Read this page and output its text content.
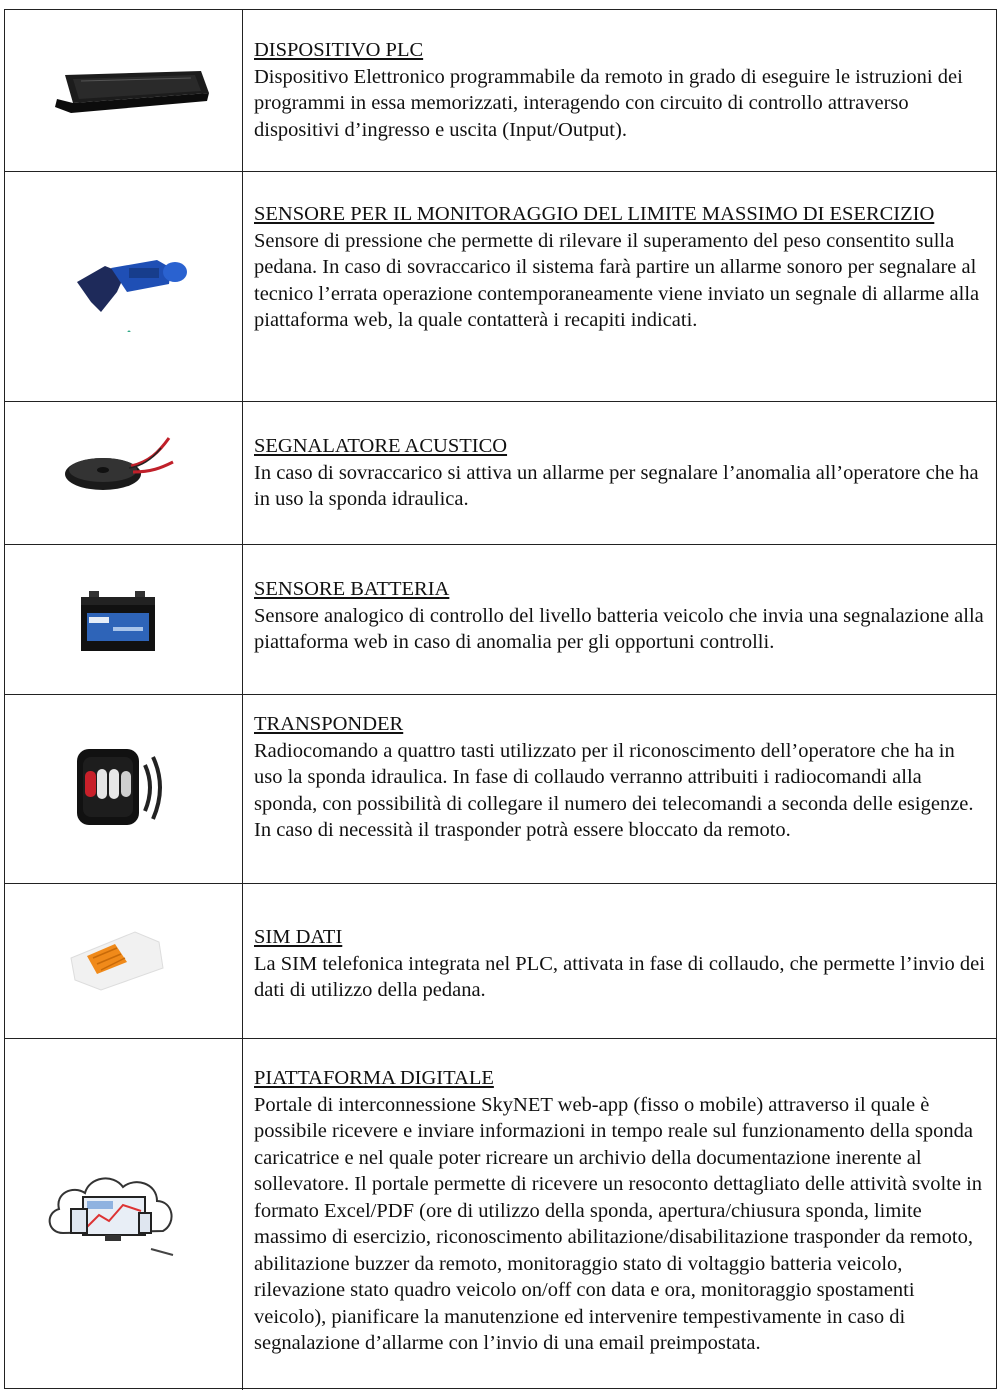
DISPOSITIVO PLC
Dispositivo Elettronico programmabile da remoto in grado di eseguire le istruzioni dei programmi in essa memorizzati, interagendo con circuito di controllo attraverso dispositivi d’ingresso e uscita (Input/Output).
SENSORE PER IL MONITORAGGIO DEL LIMITE MASSIMO DI ESERCIZIO
Sensore di pressione che permette di rilevare il superamento del peso consentito sulla pedana. In caso di sovraccarico il sistema farà partire un allarme sonoro per segnalare al tecnico l’errata operazione contemporaneamente viene inviato un segnale di allarme alla piattaforma web, la quale contatterà i recapiti indicati.
SEGNALATORE ACUSTICO
In caso di sovraccarico si attiva un allarme per segnalare l’anomalia all’operatore che ha in uso la sponda idraulica.
SENSORE BATTERIA
Sensore analogico di controllo del livello batteria veicolo che invia una segnalazione alla piattaforma web in caso di anomalia per gli opportuni controlli.
TRANSPONDER
Radiocomando a quattro tasti utilizzato per il riconoscimento dell’operatore che ha in uso la sponda idraulica. In fase di collaudo verranno attribuiti i radiocomandi alla sponda, con possibilità di collegare il numero dei telecomandi a seconda delle esigenze. In caso di necessità il trasponder potrà essere bloccato da remoto.
SIM DATI
La SIM telefonica integrata nel PLC, attivata in fase di collaudo, che permette l’invio dei dati di utilizzo della pedana.
PIATTAFORMA DIGITALE
Portale di interconnessione SkyNET web-app (fisso o mobile) attraverso il quale è possibile ricevere e inviare informazioni in tempo reale sul funzionamento della sponda caricatrice e nel quale poter ricreare un archivio della documentazione inerente al sollevatore. Il portale permette di ricevere un resoconto dettagliato delle attività svolte in formato Excel/PDF (ore di utilizzo della sponda, apertura/chiusura sponda, limite massimo di esercizio, riconoscimento abilitazione/disabilitazione trasponder da remoto, abilitazione buzzer da remoto, monitoraggio stato di voltaggio batteria veicolo, rilevazione stato quadro veicolo on/off con data e ora, monitoraggio spostamenti veicolo), pianificare la manutenzione ed intervenire tempestivamente in caso di segnalazione d’allarme con l’invio di una email preimpostata.
